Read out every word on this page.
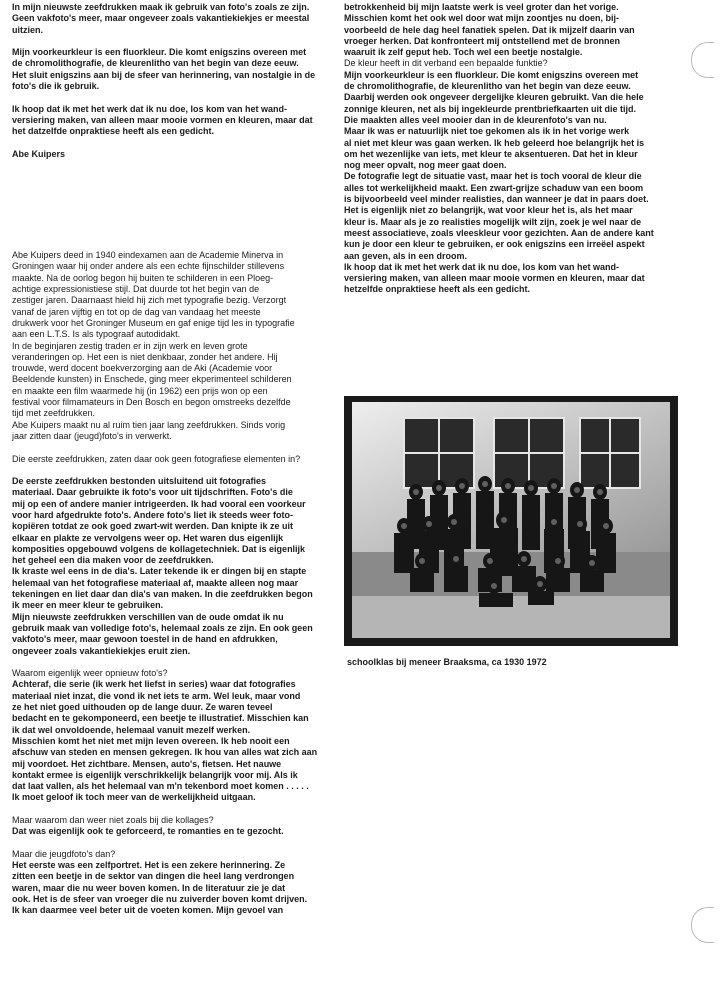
In mijn nieuwste zeefdrukken maak ik gebruik van foto's zoals ze zijn.
Geen vakfoto's meer, maar ongeveer zoals vakantiekiekjes er meestal
uitzien.

Mijn voorkeurkleur is een fluorkleur. Die komt enigszins overeen met
de chromolithografie, de kleurenlitho van het begin van deze eeuw.
Het sluit enigszins aan bij de sfeer van herinnering, van nostalgie in de
foto's die ik gebruik.

Ik hoop dat ik met het werk dat ik nu doe, los kom van het wand-
versiering maken, van alleen maar mooie vormen en kleuren, maar dat
het datzelfde onpraktiese heeft als een gedicht.

Abe Kuipers

Abe Kuipers deed in 1940 eindexamen aan de Academie Minerva in
Groningen waar hij onder andere als een echte fijnschilder stillevens
maakte. Na de oorlog begon hij buiten te schilderen in een Ploeg-
achtige expressionistiese stijl. Dat duurde tot het begin van de
zestiger jaren. Daarnaast hield hij zich met typografie bezig. Verzorgt
vanaf de jaren vijftig en tot op de dag van vandaag het meeste
drukwerk voor het Groninger Museum en gaf enige tijd les in typografie
aan een L.T.S. Is als typograaf autodidakt.
In de beginjaren zestig traden er in zijn werk en leven grote
veranderingen op. Het een is niet denkbaar, zonder het andere. Hij
trouwde, werd docent boekverzorging aan de Aki (Academie voor
Beeldende kunsten) in Enschede, ging meer ekperimenteel schilderen
en maakte een film waarmede hij (in 1962) een prijs won op een
festival voor filmamateurs in Den Bosch en begon omstreeks dezelfde
tijd met zeefdrukken.
Abe Kuipers maakt nu al ruim tien jaar lang zeefdrukken. Sinds vorig
jaar zitten daar (jeugd)foto's in verwerkt.

Die eerste zeefdrukken, zaten daar ook geen fotografiese elementen in?

De eerste zeefdrukken bestonden uitsluitend uit fotografies
materiaal. Daar gebruikte ik foto's voor uit tijdschriften. Foto's die
mij op een of andere manier intrigeerden. Ik had vooral een voorkeur
voor hard afgedrukte foto's. Andere foto's liet ik steeds weer foto-
kopiëren totdat ze ook goed zwart-wit werden. Dan knipte ik ze uit
elkaar en plakte ze vervolgens weer op. Het waren dus eigenlijk
komposities opgebouwd volgens de kollagetechniek. Dat is eigenlijk
het geheel een dia maken voor de zeefdrukken.
Ik kraste wel eens in de dia's. Later tekende ik er dingen bij en stapte
helemaal van het fotografiese materiaal af, maakte alleen nog maar
tekeningen en liet daar dan dia's van maken. In die zeefdrukken begon
ik meer en meer kleur te gebruiken.
Mijn nieuwste zeefdrukken verschillen van de oude omdat ik nu
gebruik maak van volledige foto's, helemaal zoals ze zijn. En ook geen
vakfoto's meer, maar gewoon toestel in de hand en afdrukken,
ongeveer zoals vakantiekiekjes eruit zien.

Waarom eigenlijk weer opnieuw foto's?

Achteraf, die serie (ik werk het liefst in series) waar dat fotografies
materiaal niet inzat, die vond ik net iets te arm. Wel leuk, maar vond
ze het niet goed uithouden op de lange duur. Ze waren teveel
bedacht en te gekomponeerd, een beetje te illustratief. Misschien kan
ik dat wel onvoldoende, helemaal vanuit mezelf werken.
Misschien komt het niet met mijn leven overeen. Ik heb nooit een
afschuw van steden en mensen gekregen. Ik hou van alles wat zich aan
mij voordoet. Het zichtbare. Mensen, auto's, fietsen. Het nauwe
kontakt ermee is eigenlijk verschrikkelijk belangrijk voor mij. Als ik
dat laat vallen, als het helemaal van m'n tekenbord moet komen . . . . .
Ik moet geloof ik toch meer van de werkelijkheid uitgaan.

Maar waarom dan weer niet zoals bij die kollages?

Dat was eigenlijk ook te geforceerd, te romanties en te gezocht.

Maar die jeugdfoto's dan?

Het eerste was een zelfportret. Het is een zekere herinnering. Ze
zitten een beetje in de sektor van dingen die heel lang verdrongen
waren, maar die nu weer boven komen. In de literatuur zie je dat
ook. Het is de sfeer van vroeger die nu zuiverder boven komt drijven.
Ik kan daarmee veel beter uit de voeten komen. Mijn gevoel van

betrokkenheid bij mijn laatste werk is veel groter dan het vorige.
Misschien komt het ook wel door wat mijn zoontjes nu doen, bij-
voorbeeld de hele dag heel fanatiek spelen. Dat ik mijzelf daarin van
vroeger herken. Dat konfronteert mij ontstellend met de bronnen
waaruit ik zelf geput heb. Toch wel een beetje nostalgie.

De kleur heeft in dit verband een bepaalde funktie?

Mijn voorkeurkleur is een fluorkleur. Die komt enigszins overeen met
de chromolithografie, de kleurenlitho van het begin van deze eeuw.
Daarbij werden ook ongeveer dergelijke kleuren gebruikt. Van die hele
zonnige kleuren, net als bij ingekleurde prentbriefkaarten uit die tijd.
Die maakten alles veel mooier dan in de kleurenfoto's van nu.
Maar ik was er natuurlijk niet toe gekomen als ik in het vorige werk
al niet met kleur was gaan werken. Ik heb geleerd hoe belangrijk het is
om het wezenlijke van iets, met kleur te aksentueren. Dat het in kleur
nog meer opvalt, nog meer gaat doen.
De fotografie legt de situatie vast, maar het is toch vooral de kleur die
alles tot werkelijkheid maakt. Een zwart-grijze schaduw van een boom
is bijvoorbeeld veel minder realisties, dan wanneer je dat in paars doet.
Het is eigenlijk niet zo belangrijk, wat voor kleur het is, als het maar
kleur is. Maar als je zo realisties mogelijk wilt zijn, zoek je wel naar de
meest associatieve, zoals vleeskleur voor gezichten. Aan de andere kant
kun je door een kleur te gebruiken, er ook enigszins een irreëel aspekt
aan geven, als in een droom.
Ik hoop dat ik met het werk dat ik nu doe, los kom van het wand-
versiering maken, van alleen maar mooie vormen en kleuren, maar dat
hetzelfde onpraktiese heeft als een gedicht.

schoolklas bij meneer Braaksma, ca 1930 1972
